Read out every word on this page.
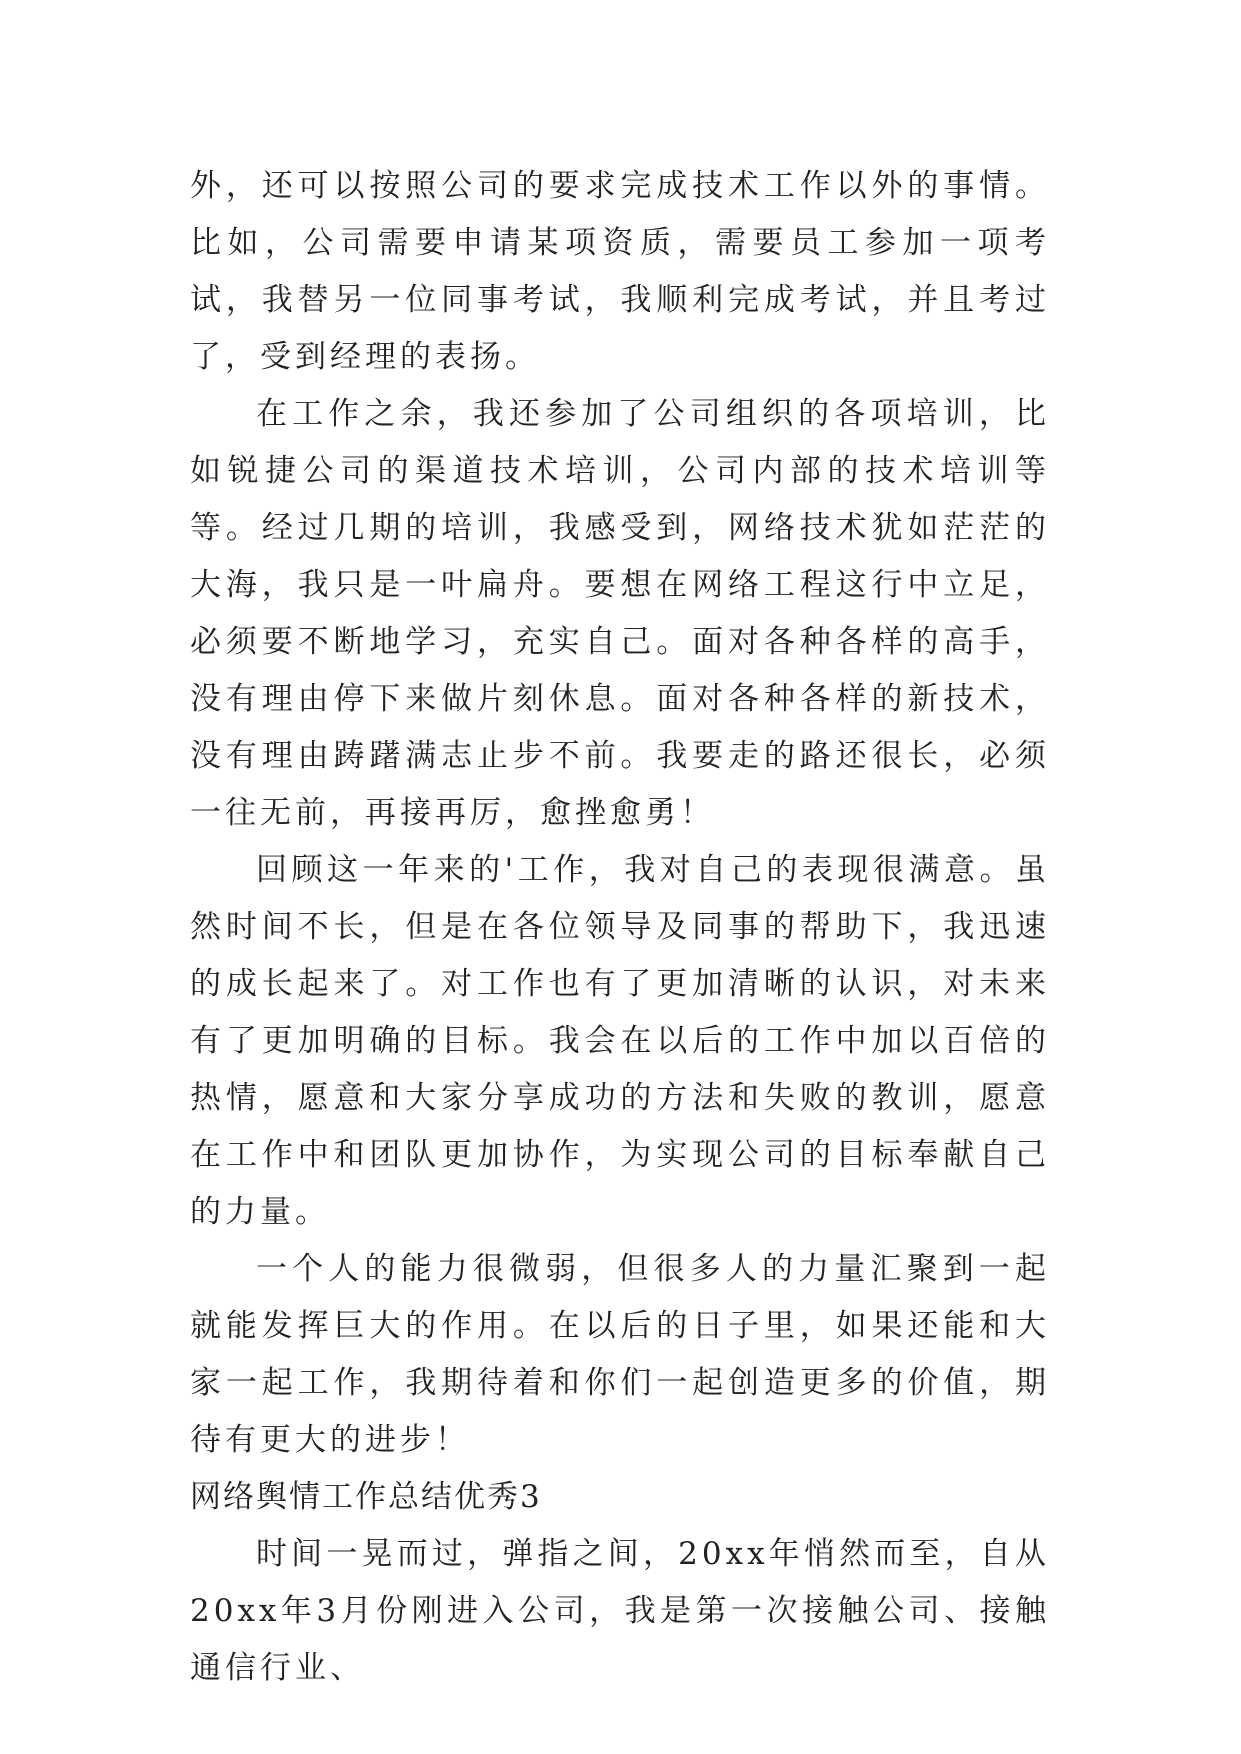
外，还可以按照公司的要求完成技术工作以外的事情。比如，公司需要申请某项资质，需要员工参加一项考试，我替另一位同事考试，我顺利完成考试，并且考过了，受到经理的表扬。

在工作之余，我还参加了公司组织的各项培训，比如锐捷公司的渠道技术培训，公司内部的技术培训等等。经过几期的培训，我感受到，网络技术犹如茫茫的大海，我只是一叶扁舟。要想在网络工程这行中立足，必须要不断地学习，充实自己。面对各种各样的高手，没有理由停下来做片刻休息。面对各种各样的新技术，没有理由踌躇满志止步不前。我要走的路还很长，必须一往无前，再接再厉，愈挫愈勇！

回顾这一年来的'工作，我对自己的表现很满意。虽然时间不长，但是在各位领导及同事的帮助下，我迅速的成长起来了。对工作也有了更加清晰的认识，对未来有了更加明确的目标。我会在以后的工作中加以百倍的热情，愿意和大家分享成功的方法和失败的教训，愿意在工作中和团队更加协作，为实现公司的目标奉献自己的力量。

一个人的能力很微弱，但很多人的力量汇聚到一起就能发挥巨大的作用。在以后的日子里，如果还能和大家一起工作，我期待着和你们一起创造更多的价值，期待有更大的进步！

网络舆情工作总结优秀3

时间一晃而过，弹指之间，20xx年悄然而至，自从20xx年3月份刚进入公司，我是第一次接触公司、接触通信行业、
